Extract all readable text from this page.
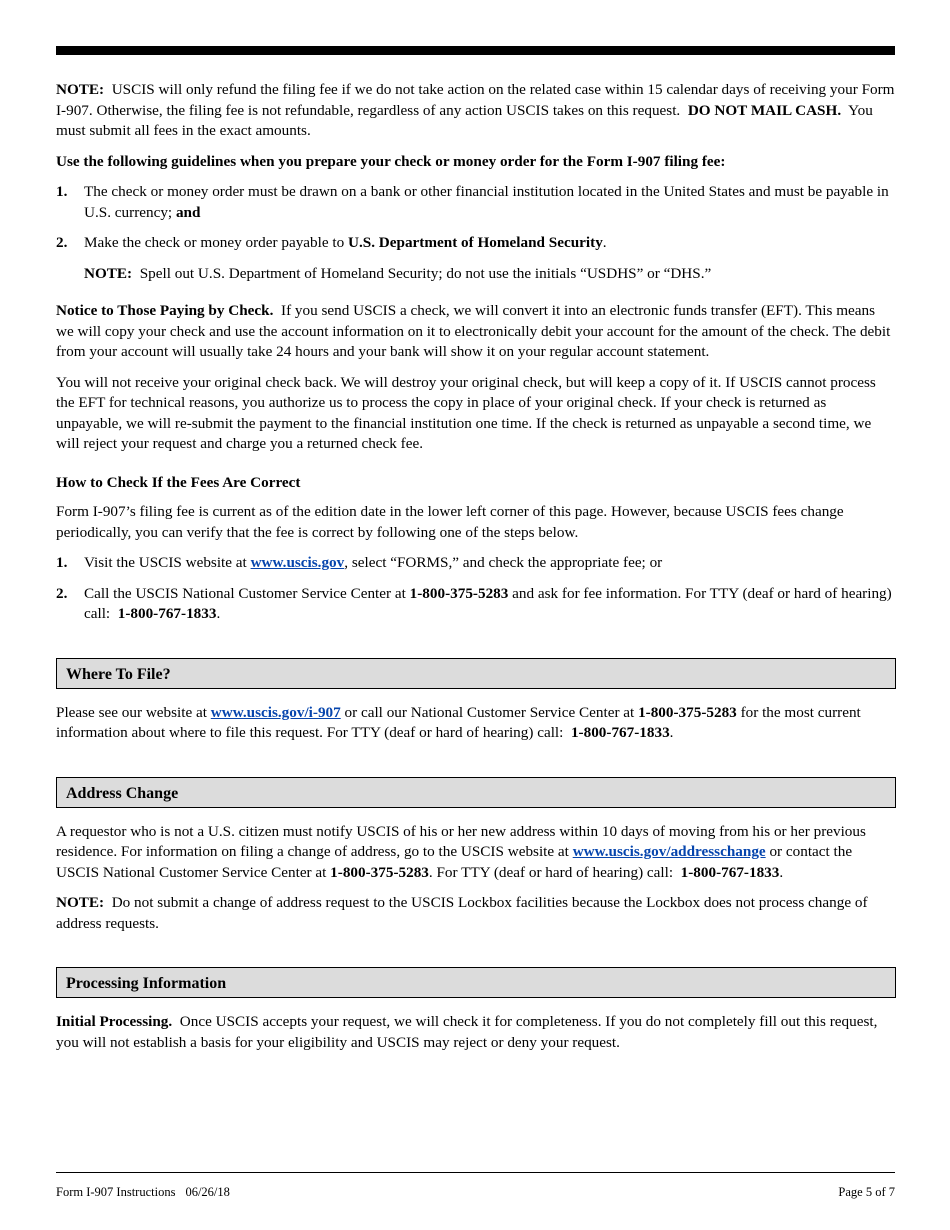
NOTE: USCIS will only refund the filing fee if we do not take action on the related case within 15 calendar days of receiving your Form I-907. Otherwise, the filing fee is not refundable, regardless of any action USCIS takes on this request. DO NOT MAIL CASH. You must submit all fees in the exact amounts.

Use the following guidelines when you prepare your check or money order for the Form I-907 filing fee:

1. The check or money order must be drawn on a bank or other financial institution located in the United States and must be payable in U.S. currency; and
2. Make the check or money order payable to U.S. Department of Homeland Security.

NOTE: Spell out U.S. Department of Homeland Security; do not use the initials “USDHS” or “DHS.”

Notice to Those Paying by Check. If you send USCIS a check, we will convert it into an electronic funds transfer (EFT). This means we will copy your check and use the account information on it to electronically debit your account for the amount of the check. The debit from your account will usually take 24 hours and your bank will show it on your regular account statement.

You will not receive your original check back. We will destroy your original check, but will keep a copy of it. If USCIS cannot process the EFT for technical reasons, you authorize us to process the copy in place of your original check. If your check is returned as unpayable, we will re-submit the payment to the financial institution one time. If the check is returned as unpayable a second time, we will reject your request and charge you a returned check fee.

How to Check If the Fees Are Correct

Form I-907’s filing fee is current as of the edition date in the lower left corner of this page. However, because USCIS fees change periodically, you can verify that the fee is correct by following one of the steps below.

1. Visit the USCIS website at www.uscis.gov, select “FORMS,” and check the appropriate fee; or
2. Call the USCIS National Customer Service Center at 1-800-375-5283 and ask for fee information. For TTY (deaf or hard of hearing) call: 1-800-767-1833.
Where To File?

Please see our website at www.uscis.gov/i-907 or call our National Customer Service Center at 1-800-375-5283 for the most current information about where to file this request. For TTY (deaf or hard of hearing) call: 1-800-767-1833.

Address Change

A requestor who is not a U.S. citizen must notify USCIS of his or her new address within 10 days of moving from his or her previous residence. For information on filing a change of address, go to the USCIS website at www.uscis.gov/addresschange or contact the USCIS National Customer Service Center at 1-800-375-5283. For TTY (deaf or hard of hearing) call: 1-800-767-1833.

NOTE: Do not submit a change of address request to the USCIS Lockbox facilities because the Lockbox does not process change of address requests.

Processing Information

Initial Processing. Once USCIS accepts your request, we will check it for completeness. If you do not completely fill out this request, you will not establish a basis for your eligibility and USCIS may reject or deny your request.

Form I-907 Instructions 06/26/18	Page 5 of 7
